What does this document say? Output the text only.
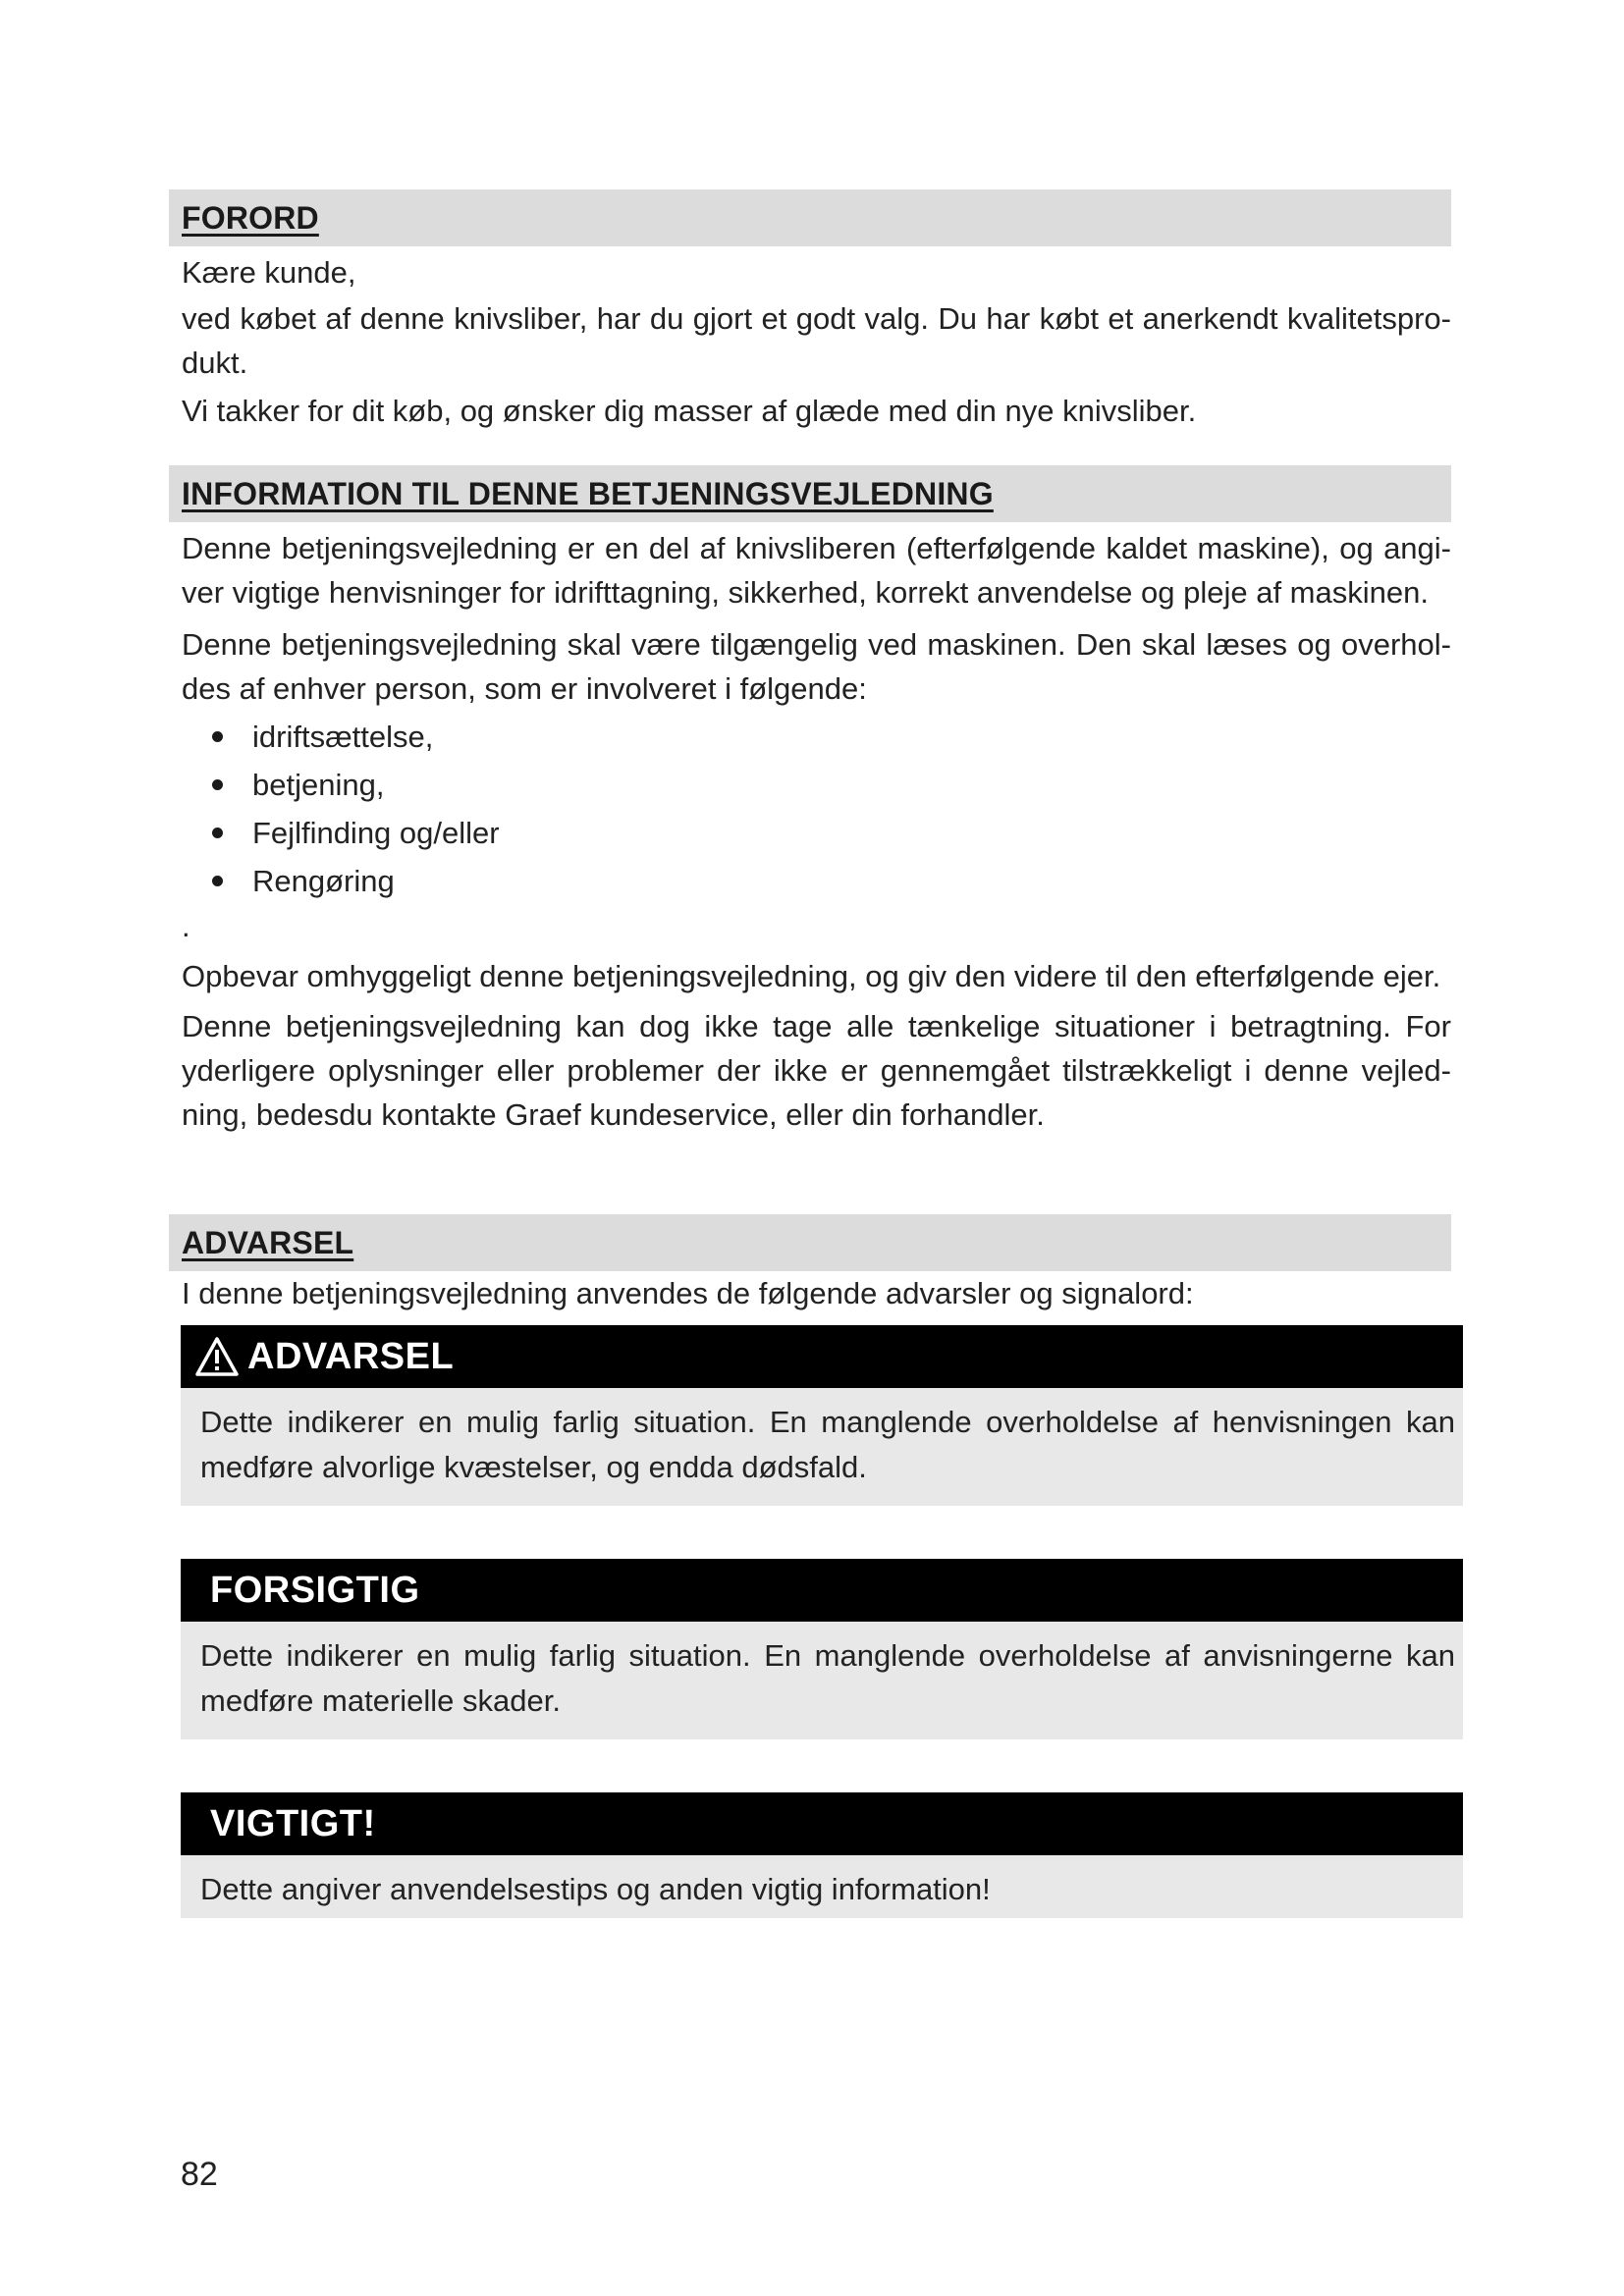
FORORD

Kære kunde,

ved købet af denne knivsliber, har du gjort et godt valg. Du har købt et anerkendt kvalitetspro-dukt.

Vi takker for dit køb, og ønsker dig masser af glæde med din nye knivsliber.

INFORMATION TIL DENNE BETJENINGSVEJLEDNING

Denne betjeningsvejledning er en del af knivsliberen (efterfølgende kaldet maskine), og angi-ver vigtige henvisninger for idrifttagning, sikkerhed, korrekt anvendelse og pleje af maskinen.

Denne betjeningsvejledning skal være tilgængelig ved maskinen. Den skal læses og overhol-des af enhver person, som er involveret i følgende:

idriftsættelse,
betjening,
Fejlfinding og/eller
Rengøring

.

Opbevar omhyggeligt denne betjeningsvejledning, og giv den videre til den efterfølgende ejer.

Denne betjeningsvejledning kan dog ikke tage alle tænkelige situationer i betragtning. For yderligere oplysninger eller problemer der ikke er gennemgået tilstrækkeligt i denne vejled-ning, bedesdu kontakte Graef kundeservice, eller din forhandler.

ADVARSEL

I denne betjeningsvejledning anvendes de følgende advarsler og signalord:

ADVARSEL

Dette indikerer en mulig farlig situation. En manglende overholdelse af henvisningen kan medføre alvorlige kvæstelser, og endda dødsfald.

FORSIGTIG

Dette indikerer en mulig farlig situation. En manglende overholdelse af anvisningerne kan medføre materielle skader.

VIGTIGT!

Dette angiver anvendelsestips og anden vigtig information!

82
